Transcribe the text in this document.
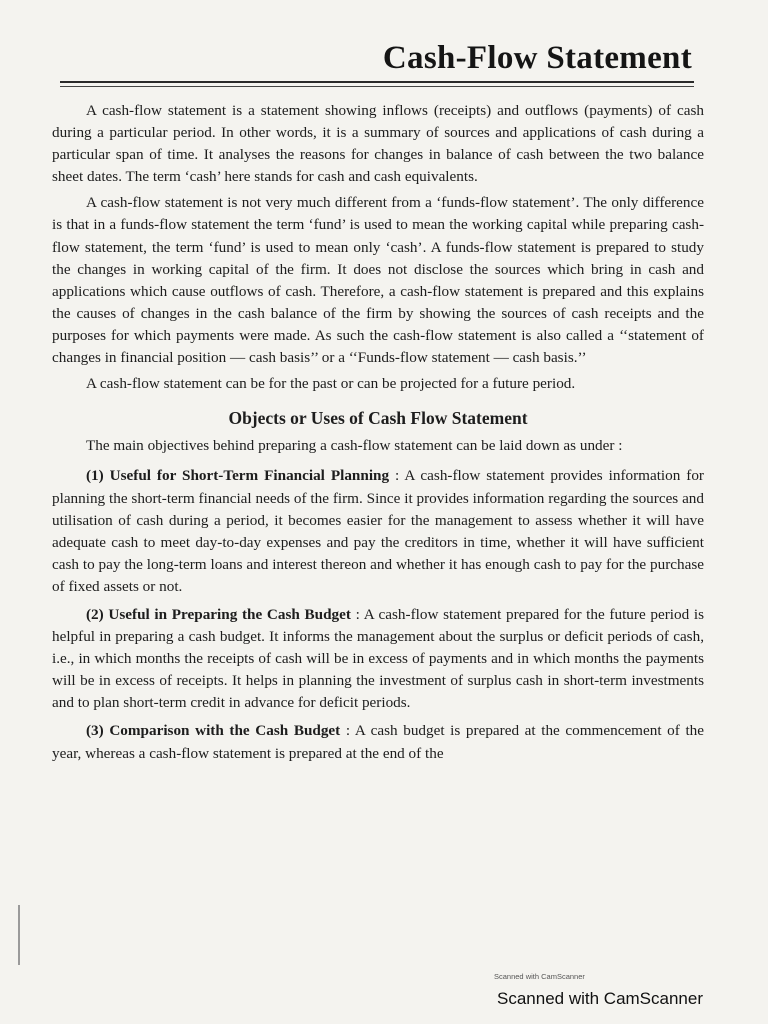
Cash-Flow Statement

A cash-flow statement is a statement showing inflows (receipts) and outflows (payments) of cash during a particular period. In other words, it is a summary of sources and applications of cash during a particular span of time. It analyses the reasons for changes in balance of cash between the two balance sheet dates. The term ‘cash’ here stands for cash and cash equivalents.

A cash-flow statement is not very much different from a ‘funds-flow statement’. The only difference is that in a funds-flow statement the term ‘fund’ is used to mean the working capital while preparing cash-flow statement, the term ‘fund’ is used to mean only ‘cash’. A funds-flow statement is prepared to study the changes in working capital of the firm. It does not disclose the sources which bring in cash and applications which cause outflows of cash. Therefore, a cash-flow statement is prepared and this explains the causes of changes in the cash balance of the firm by showing the sources of cash receipts and the purposes for which payments were made. As such the cash-flow statement is also called a ‘‘statement of changes in financial position — cash basis’’ or a ‘‘Funds-flow statement — cash basis.’’

A cash-flow statement can be for the past or can be projected for a future period.

Objects or Uses of Cash Flow Statement

The main objectives behind preparing a cash-flow statement can be laid down as under :

(1) Useful for Short-Term Financial Planning : A cash-flow statement provides information for planning the short-term financial needs of the firm. Since it provides information regarding the sources and utilisation of cash during a period, it becomes easier for the management to assess whether it will have adequate cash to meet day-to-day expenses and pay the creditors in time, whether it will have sufficient cash to pay the long-term loans and interest thereon and whether it has enough cash to pay for the purchase of fixed assets or not.

(2) Useful in Preparing the Cash Budget : A cash-flow statement prepared for the future period is helpful in preparing a cash budget. It informs the management about the surplus or deficit periods of cash, i.e., in which months the receipts of cash will be in excess of payments and in which months the payments will be in excess of receipts. It helps in planning the investment of surplus cash in short-term investments and to plan short-term credit in advance for deficit periods.

(3) Comparison with the Cash Budget : A cash budget is prepared at the commencement of the year, whereas a cash-flow statement is prepared at the end of the

Scanned with CamScanner
Scanned with CamScanner
